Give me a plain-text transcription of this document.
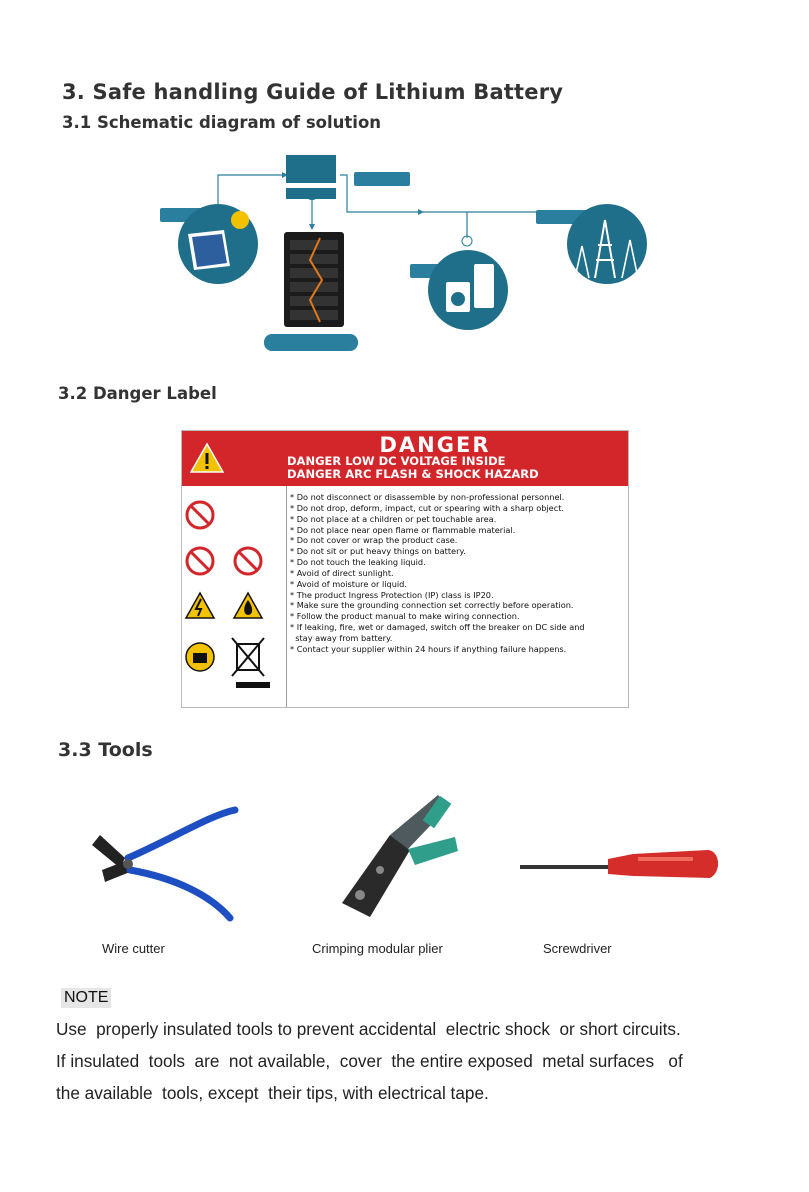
3. Safe handling Guide of Lithium Battery
3.1 Schematic diagram of solution
3.2 Danger Label
DANGER
DANGER LOW DC VOLTAGE INSIDE
DANGER ARC FLASH & SHOCK HAZARD
* Do not disconnect or disassemble by non-professional personnel.
* Do not drop, deform, impact, cut or spearing with a sharp object.
* Do not place at a children or pet touchable area.
* Do not place near open flame or flammable material.
* Do not cover or wrap the product case.
* Do not sit or put heavy things on battery.
* Do not touch the leaking liquid.
* Avoid of direct sunlight.
* Avoid of moisture or liquid.
* The product Ingress Protection (IP) class is IP20.
* Make sure the grounding connection set correctly before operation.
* Follow the product manual to make wiring connection.
* If leaking, fire, wet or damaged, switch off the breaker on DC side and
stay away from battery.
* Contact your supplier within 24 hours if anything failure happens.
3.3 Tools
Wire cutter	Crimping modular plier	Screwdriver
NOTE
Use  properly insulated tools to prevent accidental  electric shock  or short circuits.
If insulated  tools  are  not available,  cover  the entire exposed  metal surfaces   of
the available  tools, except  their tips, with electrical tape.
